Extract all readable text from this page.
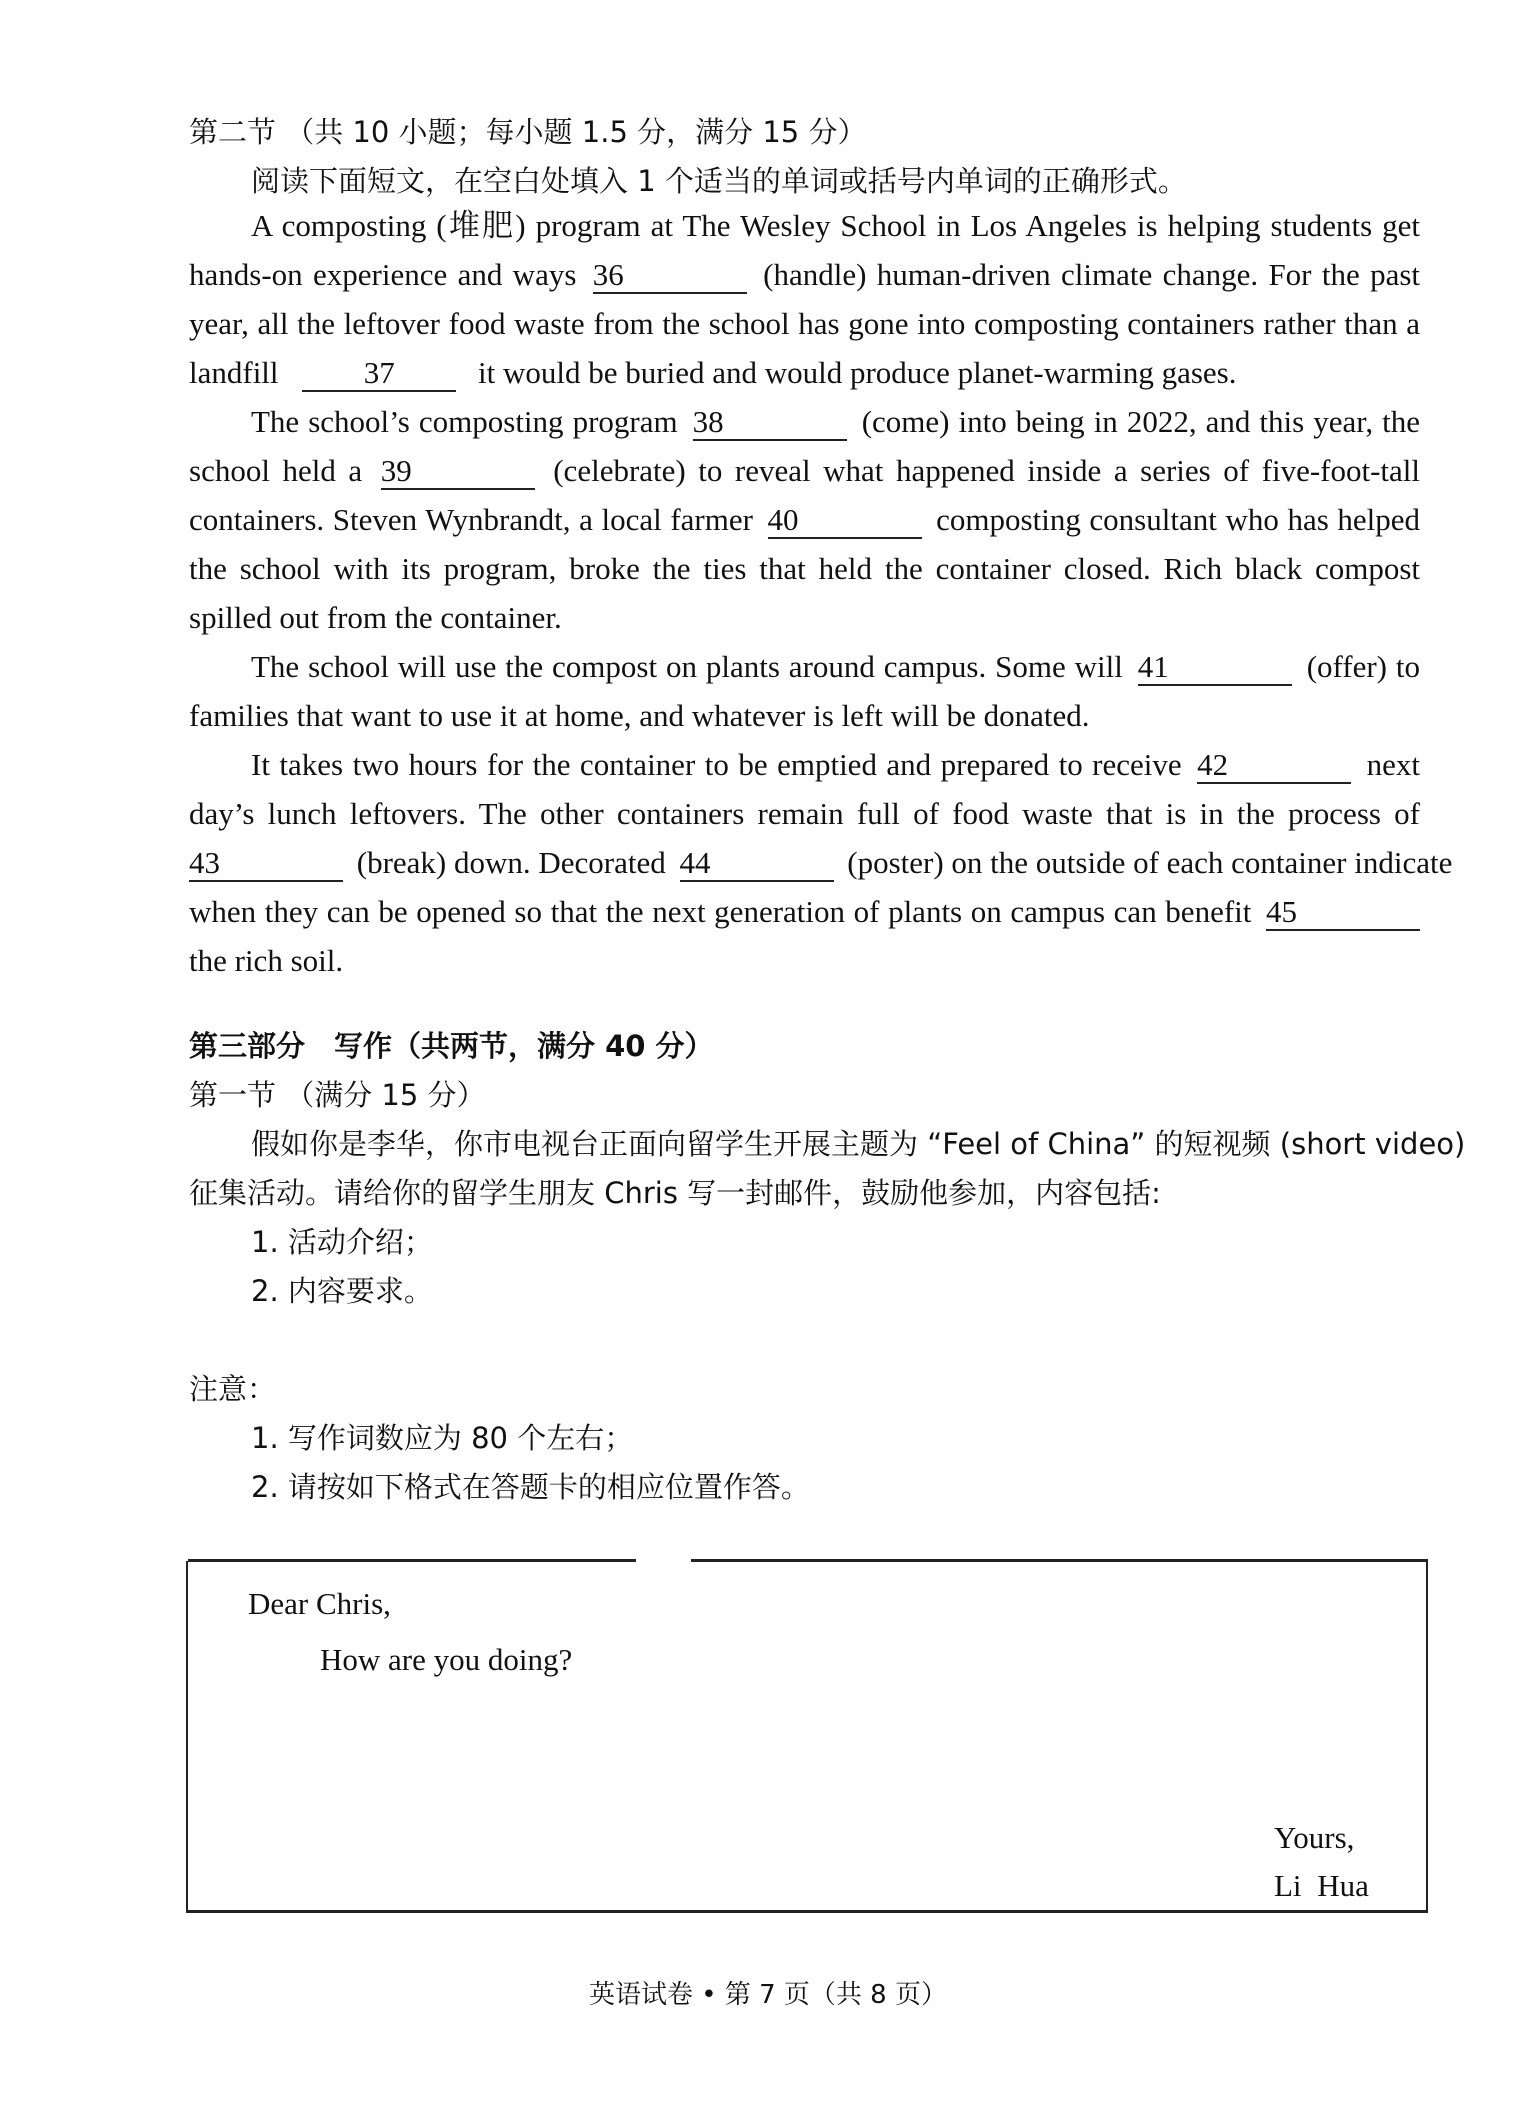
第二节 （共 10 小题；每小题 1.5 分，满分 15 分）
阅读下面短文，在空白处填入 1 个适当的单词或括号内单词的正确形式。
A composting (堆肥) program at The Wesley School in Los Angeles is helping students get
hands-on experience and ways 36	(handle) human-driven climate change. For the past
year, all the leftover food waste from the school has gone into composting containers rather than a
landfill	37	it would be buried and would produce planet-warming gases.
The school’s composting program 38	(come) into being in 2022, and this year, the
school held a 39	(celebrate) to reveal what happened inside a series of five-foot-tall
containers. Steven Wynbrandt, a local farmer 40	composting consultant who has helped
the school with its program, broke the ties that held the container closed. Rich black compost
spilled out from the container.
The school will use the compost on plants around campus. Some will 41	(offer) to
families that want to use it at home, and whatever is left will be donated.
It takes two hours for the container to be emptied and prepared to receive 42	next
day’s lunch leftovers. The other containers remain full of food waste that is in the process of
43	(break) down. Decorated 44	(poster) on the outside of each container indicate
when they can be opened so that the next generation of plants on campus can benefit 45
the rich soil.
第三部分　写作（共两节，满分 40 分）
第一节 （满分 15 分）
假如你是李华，你市电视台正面向留学生开展主题为 “Feel of China” 的短视频 (short video)
征集活动。请给你的留学生朋友 Chris 写一封邮件，鼓励他参加，内容包括:
1. 活动介绍；
2. 内容要求。
注意：
1. 写作词数应为 80 个左右；
2. 请按如下格式在答题卡的相应位置作答。
Dear Chris,
How are you doing?
Yours,
Li Hua
英语试卷 • 第 7 页（共 8 页）
